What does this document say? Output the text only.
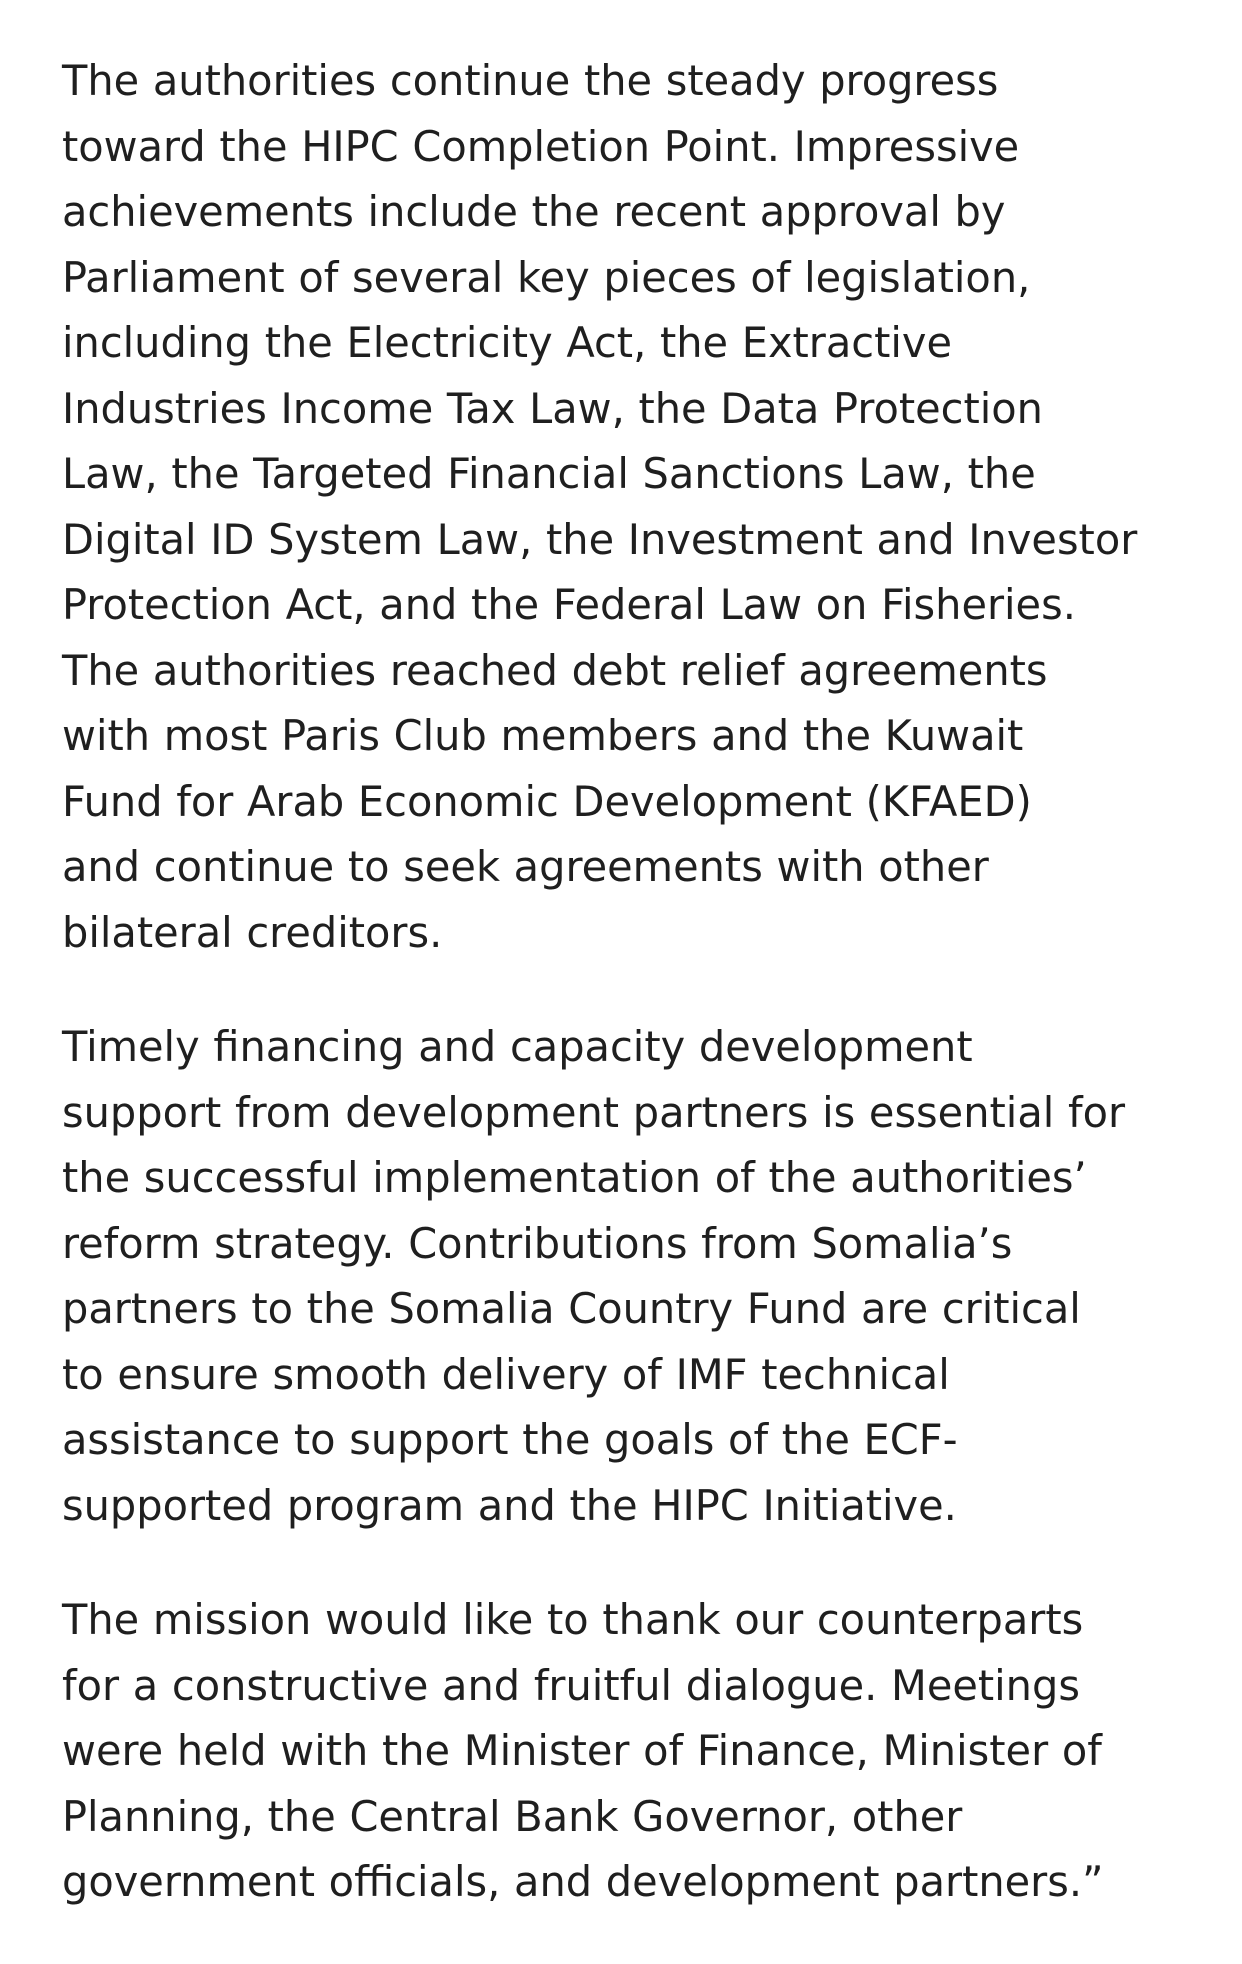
The authorities continue the steady progress
toward the HIPC Completion Point. Impressive
achievements include the recent approval by
Parliament of several key pieces of legislation,
including the Electricity Act, the Extractive
Industries Income Tax Law, the Data Protection
Law, the Targeted Financial Sanctions Law, the
Digital ID System Law, the Investment and Investor
Protection Act, and the Federal Law on Fisheries.
The authorities reached debt relief agreements
with most Paris Club members and the Kuwait
Fund for Arab Economic Development (KFAED)
and continue to seek agreements with other
bilateral creditors.

Timely financing and capacity development
support from development partners is essential for
the successful implementation of the authorities’
reform strategy. Contributions from Somalia’s
partners to the Somalia Country Fund are critical
to ensure smooth delivery of IMF technical
assistance to support the goals of the ECF-
supported program and the HIPC Initiative.

The mission would like to thank our counterparts
for a constructive and fruitful dialogue. Meetings
were held with the Minister of Finance, Minister of
Planning, the Central Bank Governor, other
government officials, and development partners.”
